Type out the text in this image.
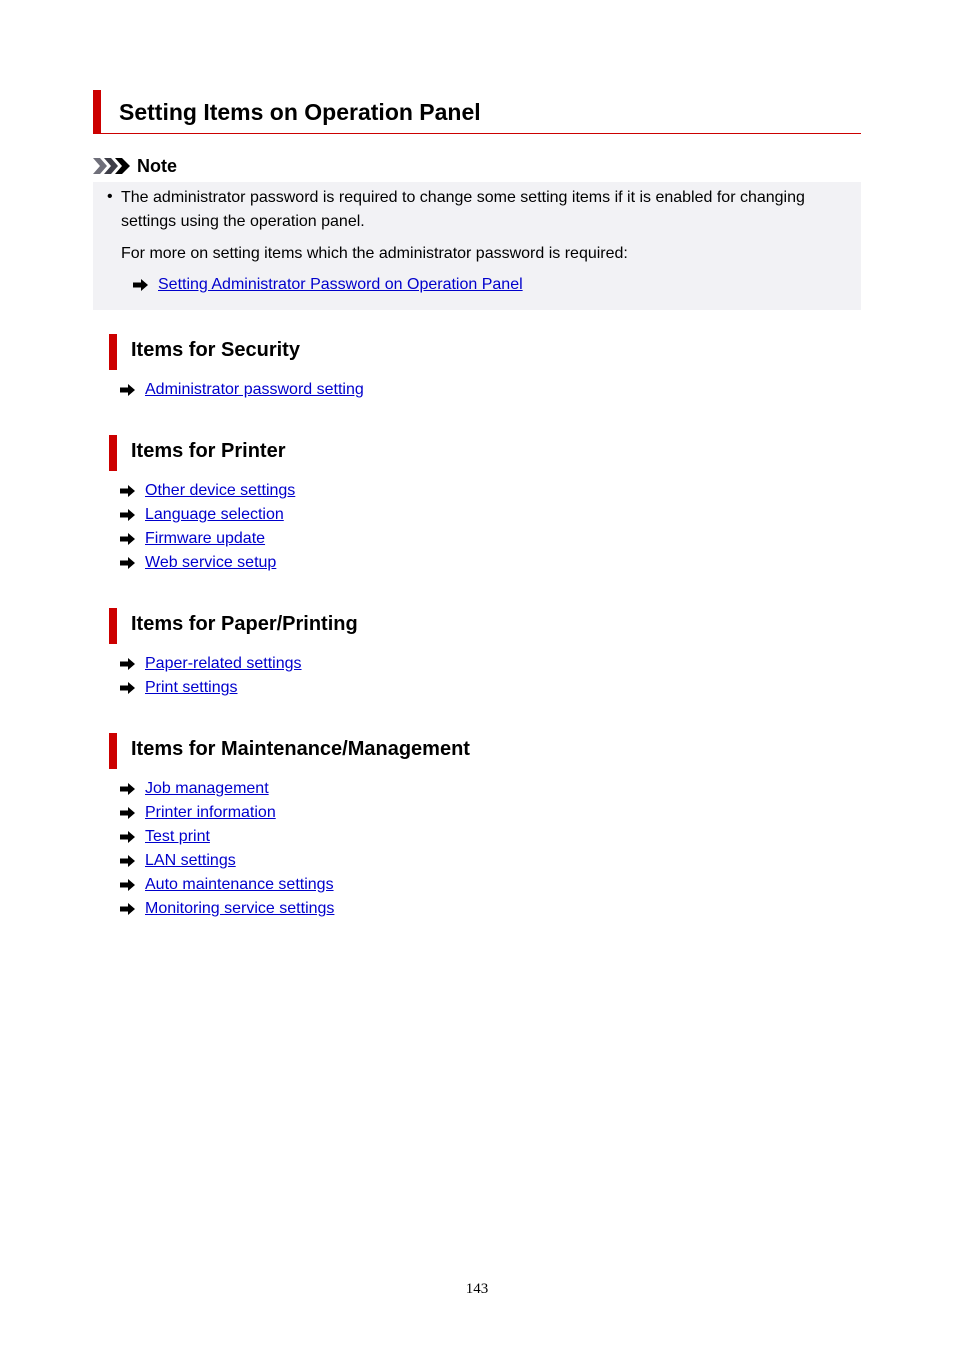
Setting Items on Operation Panel
Note
• The administrator password is required to change some setting items if it is enabled for changing settings using the operation panel.
For more on setting items which the administrator password is required:
Setting Administrator Password on Operation Panel
Items for Security
Administrator password setting
Items for Printer
Other device settings
Language selection
Firmware update
Web service setup
Items for Paper/Printing
Paper-related settings
Print settings
Items for Maintenance/Management
Job management
Printer information
Test print
LAN settings
Auto maintenance settings
Monitoring service settings
143
